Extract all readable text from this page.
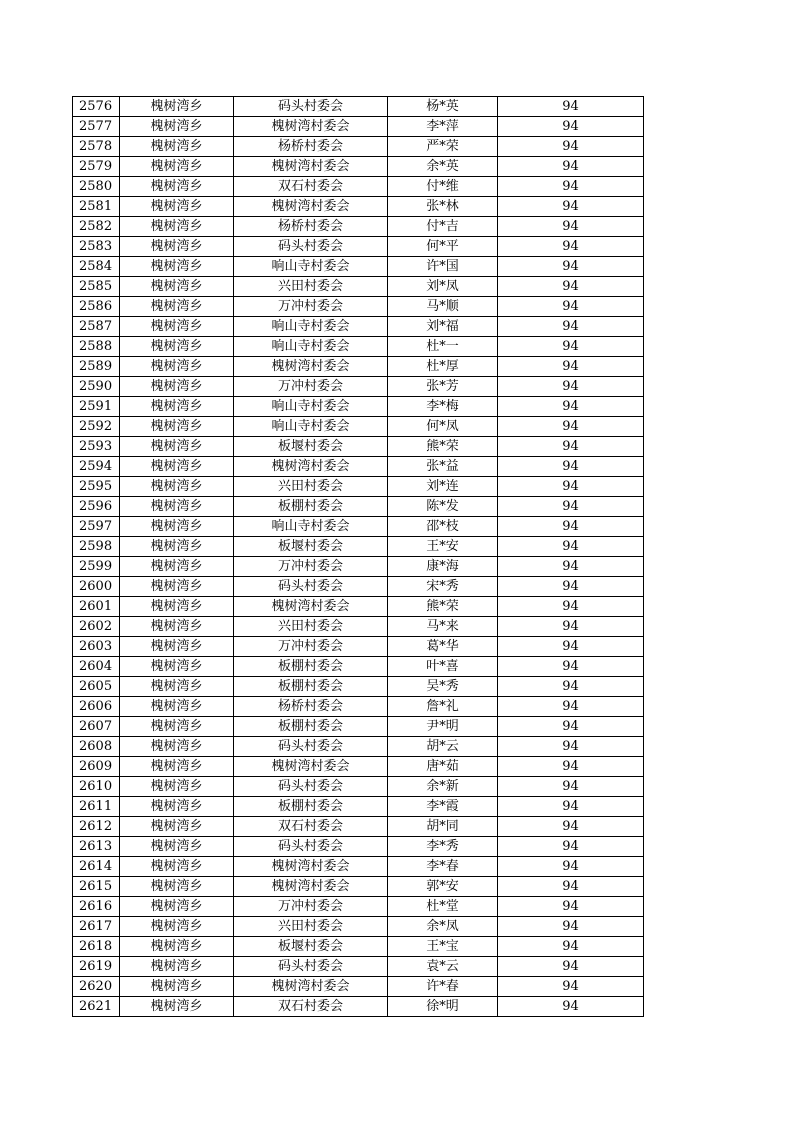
2576	槐树湾乡	码头村委会	杨*英	94
2577	槐树湾乡	槐树湾村委会	李*萍	94
2578	槐树湾乡	杨桥村委会	严*荣	94
2579	槐树湾乡	槐树湾村委会	余*英	94
2580	槐树湾乡	双石村委会	付*维	94
2581	槐树湾乡	槐树湾村委会	张*林	94
2582	槐树湾乡	杨桥村委会	付*吉	94
2583	槐树湾乡	码头村委会	何*平	94
2584	槐树湾乡	响山寺村委会	许*国	94
2585	槐树湾乡	兴田村委会	刘*凤	94
2586	槐树湾乡	万冲村委会	马*顺	94
2587	槐树湾乡	响山寺村委会	刘*福	94
2588	槐树湾乡	响山寺村委会	杜*一	94
2589	槐树湾乡	槐树湾村委会	杜*厚	94
2590	槐树湾乡	万冲村委会	张*芳	94
2591	槐树湾乡	响山寺村委会	李*梅	94
2592	槐树湾乡	响山寺村委会	何*凤	94
2593	槐树湾乡	板堰村委会	熊*荣	94
2594	槐树湾乡	槐树湾村委会	张*益	94
2595	槐树湾乡	兴田村委会	刘*连	94
2596	槐树湾乡	板棚村委会	陈*发	94
2597	槐树湾乡	响山寺村委会	邵*枝	94
2598	槐树湾乡	板堰村委会	王*安	94
2599	槐树湾乡	万冲村委会	康*海	94
2600	槐树湾乡	码头村委会	宋*秀	94
2601	槐树湾乡	槐树湾村委会	熊*荣	94
2602	槐树湾乡	兴田村委会	马*来	94
2603	槐树湾乡	万冲村委会	葛*华	94
2604	槐树湾乡	板棚村委会	叶*喜	94
2605	槐树湾乡	板棚村委会	吴*秀	94
2606	槐树湾乡	杨桥村委会	詹*礼	94
2607	槐树湾乡	板棚村委会	尹*明	94
2608	槐树湾乡	码头村委会	胡*云	94
2609	槐树湾乡	槐树湾村委会	唐*茹	94
2610	槐树湾乡	码头村委会	余*新	94
2611	槐树湾乡	板棚村委会	李*霞	94
2612	槐树湾乡	双石村委会	胡*同	94
2613	槐树湾乡	码头村委会	李*秀	94
2614	槐树湾乡	槐树湾村委会	李*春	94
2615	槐树湾乡	槐树湾村委会	郭*安	94
2616	槐树湾乡	万冲村委会	杜*堂	94
2617	槐树湾乡	兴田村委会	余*凤	94
2618	槐树湾乡	板堰村委会	王*宝	94
2619	槐树湾乡	码头村委会	袁*云	94
2620	槐树湾乡	槐树湾村委会	许*春	94
2621	槐树湾乡	双石村委会	徐*明	94
